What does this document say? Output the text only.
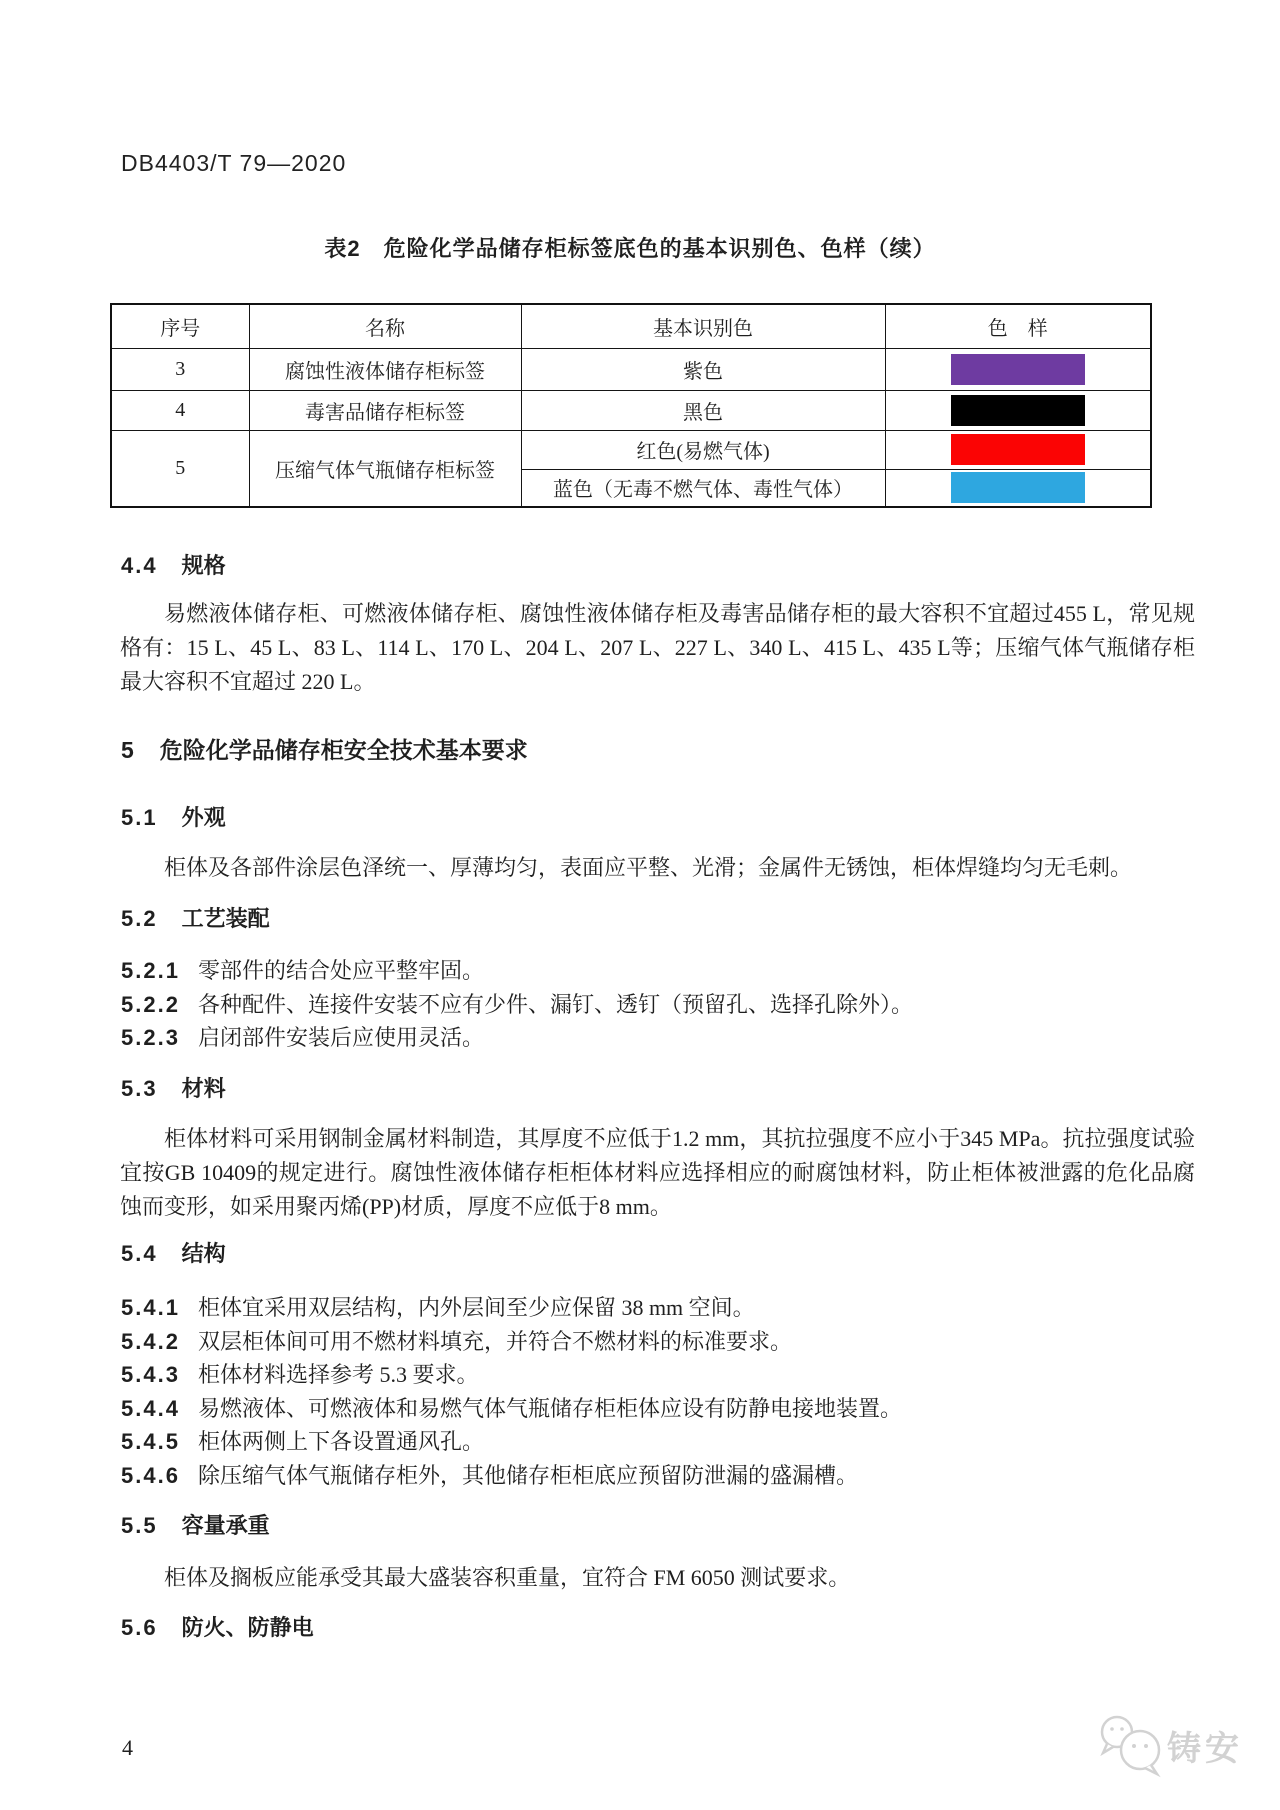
DB4403/T 79—2020
表2　危险化学品储存柜标签底色的基本识别色、色样（续）
序号	名称	基本识别色	色　样
3	腐蚀性液体储存柜标签	紫色	

4	毒害品储存柜标签	黑色	

5	压缩气体气瓶储存柜标签	红色(易燃气体)	

		蓝色（无毒不燃气体、毒性气体）	
4.4 规格
易燃液体储存柜、可燃液体储存柜、腐蚀性液体储存柜及毒害品储存柜的最大容积不宜超过455 L，常见规格有：15 L、45 L、83 L、114 L、170 L、204 L、207 L、227 L、340 L、415 L、435 L等；压缩气体气瓶储存柜最大容积不宜超过 220 L。
5 危险化学品储存柜安全技术基本要求
5.1 外观
柜体及各部件涂层色泽统一、厚薄均匀，表面应平整、光滑；金属件无锈蚀，柜体焊缝均匀无毛刺。
5.2 工艺装配
5.2.1 零部件的结合处应平整牢固。
5.2.2 各种配件、连接件安装不应有少件、漏钉、透钉（预留孔、选择孔除外）。
5.2.3 启闭部件安装后应使用灵活。
5.3 材料
柜体材料可采用钢制金属材料制造，其厚度不应低于1.2 mm，其抗拉强度不应小于345 MPa。抗拉强度试验宜按GB 10409的规定进行。腐蚀性液体储存柜柜体材料应选择相应的耐腐蚀材料，防止柜体被泄露的危化品腐蚀而变形，如采用聚丙烯(PP)材质，厚度不应低于8 mm。
5.4 结构
5.4.1 柜体宜采用双层结构，内外层间至少应保留 38 mm 空间。
5.4.2 双层柜体间可用不燃材料填充，并符合不燃材料的标准要求。
5.4.3 柜体材料选择参考 5.3 要求。
5.4.4 易燃液体、可燃液体和易燃气体气瓶储存柜柜体应设有防静电接地装置。
5.4.5 柜体两侧上下各设置通风孔。
5.4.6 除压缩气体气瓶储存柜外，其他储存柜柜底应预留防泄漏的盛漏槽。
5.5 容量承重
柜体及搁板应能承受其最大盛装容积重量，宜符合 FM 6050 测试要求。
5.6 防火、防静电
4	铸安
